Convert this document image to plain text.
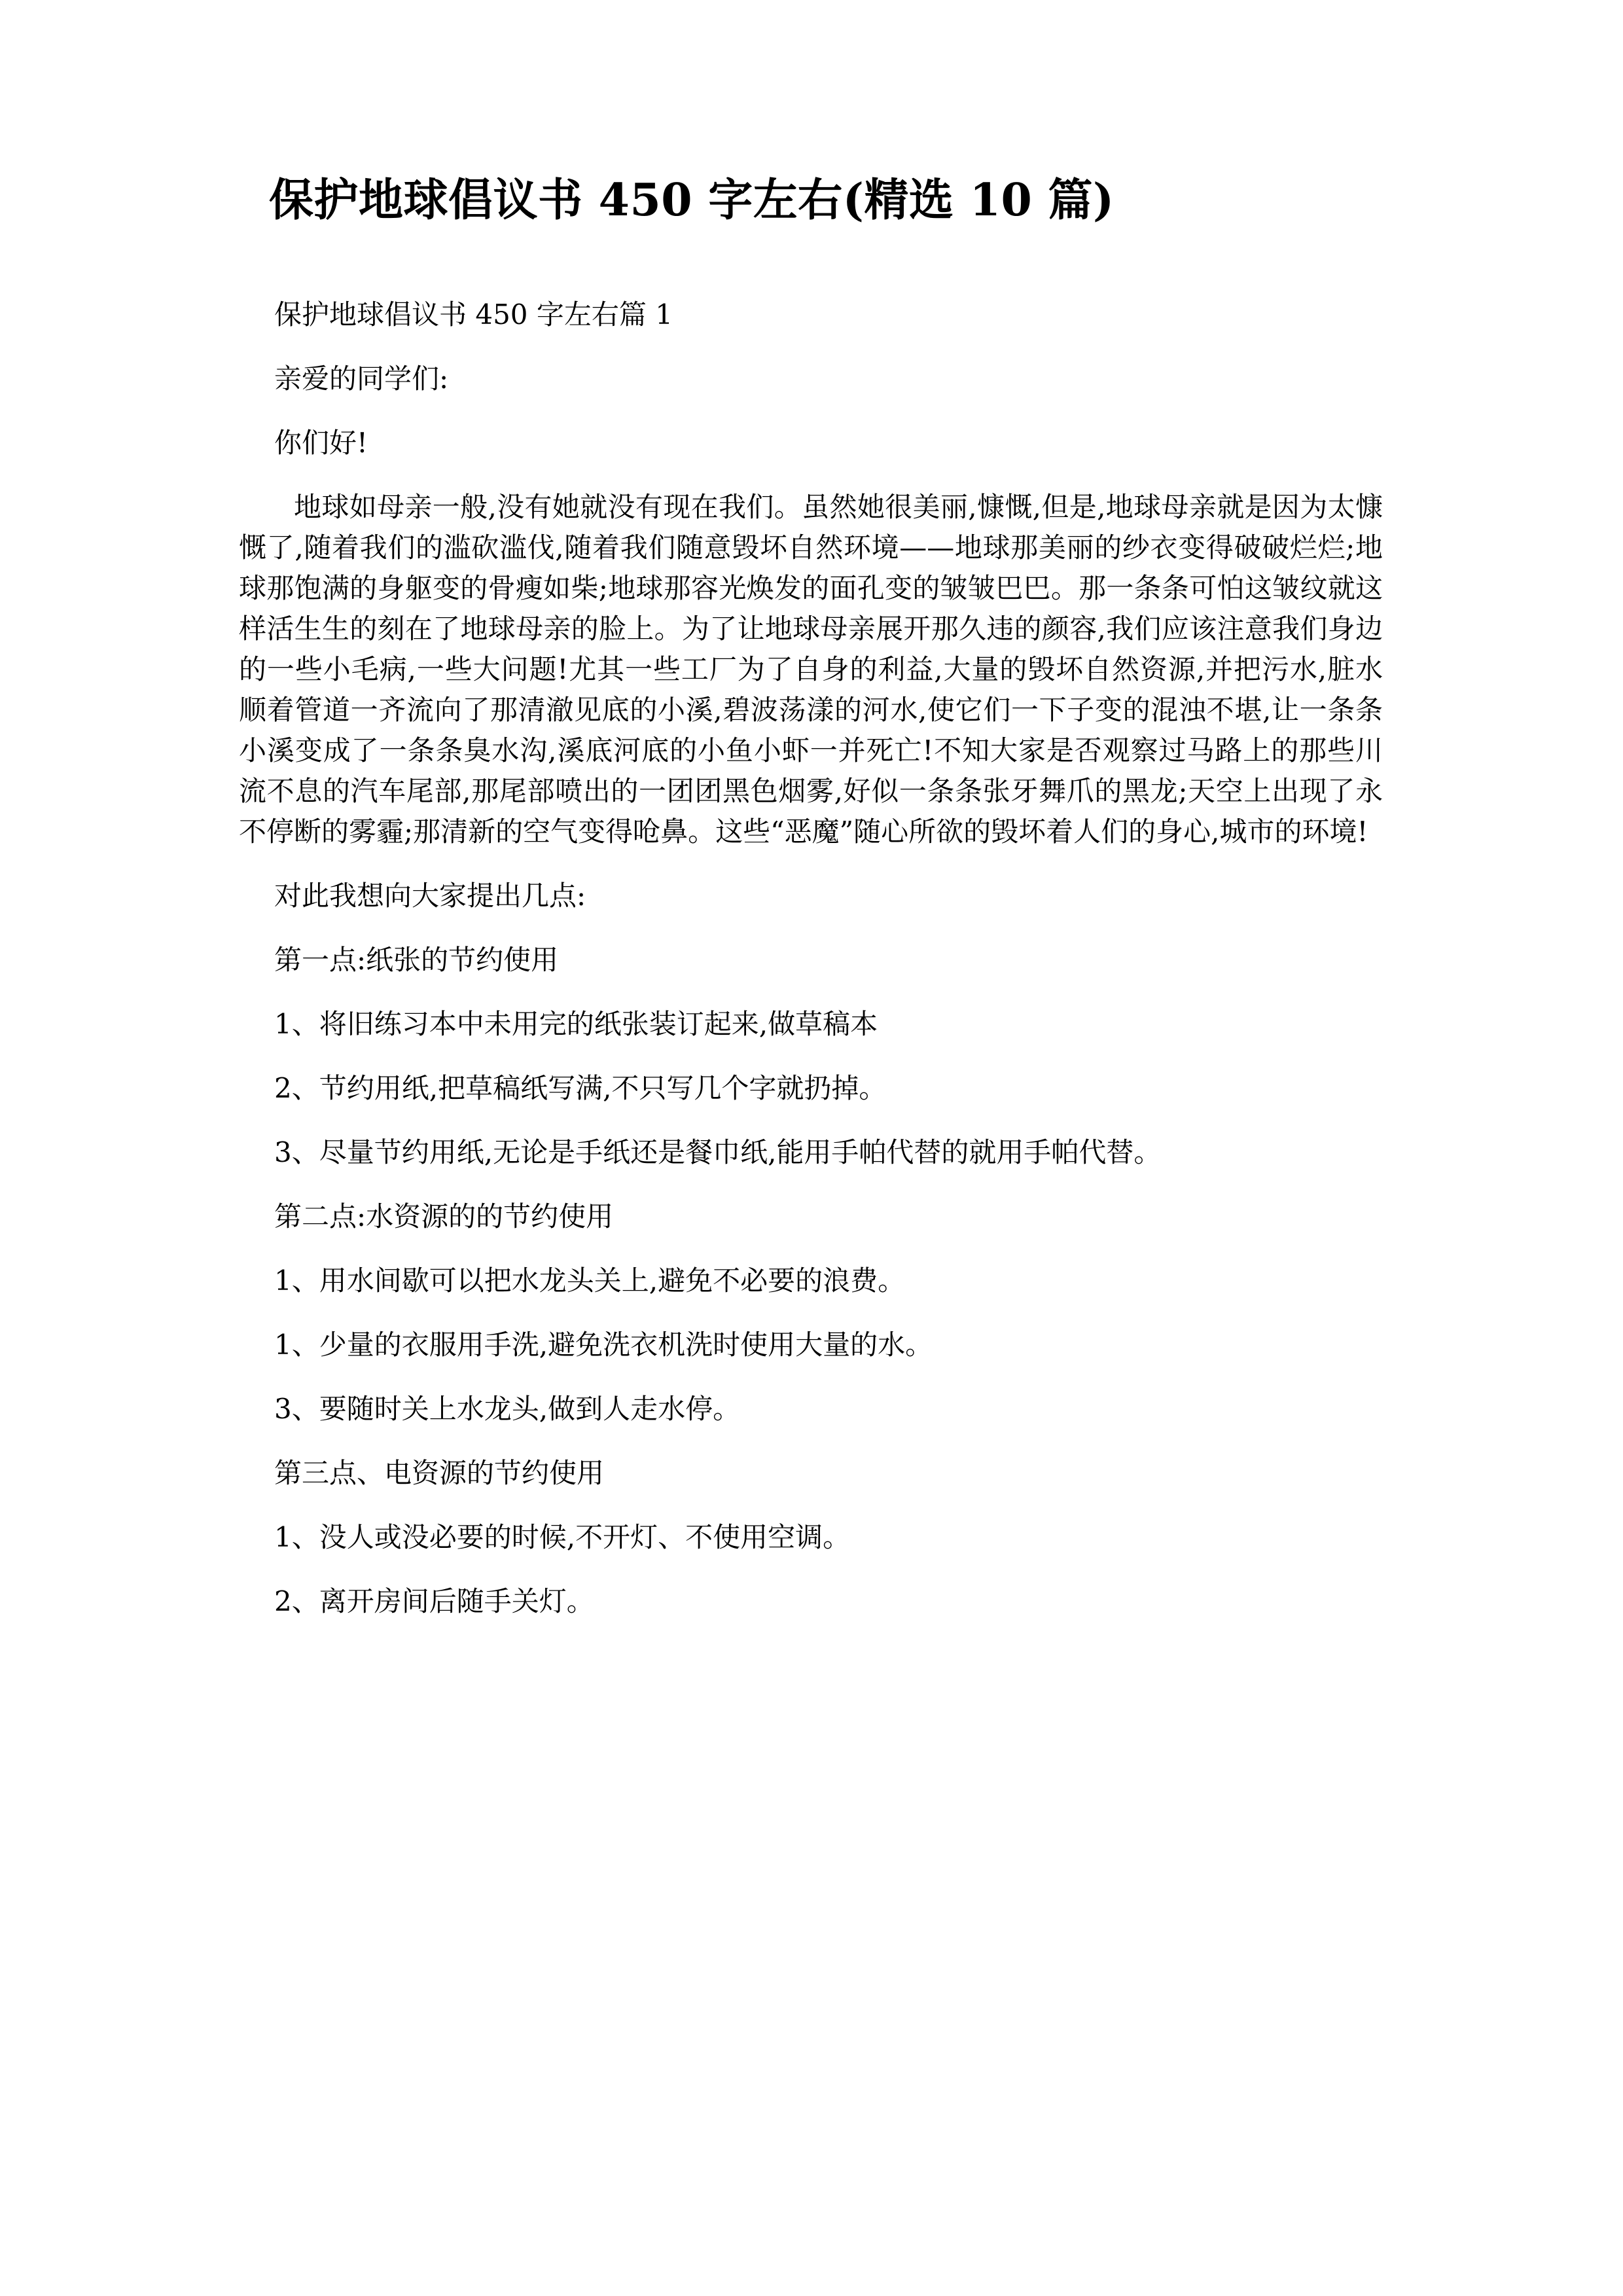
保护地球倡议书 450 字左右(精选 10 篇)
保护地球倡议书 450 字左右篇 1
亲爱的同学们:
你们好!

地球如母亲一般,没有她就没有现在我们。虽然她很美丽,慷慨,但是,地球母亲就是因为太慷慨了,随着我们的滥砍滥伐,随着我们随意毁坏自然环境——地球那美丽的纱衣变得破破烂烂;地球那饱满的身躯变的骨瘦如柴;地球那容光焕发的面孔变的皱皱巴巴。那一条条可怕这皱纹就这样活生生的刻在了地球母亲的脸上。为了让地球母亲展开那久违的颜容,我们应该注意我们身边的一些小毛病,一些大问题!尤其一些工厂为了自身的利益,大量的毁坏自然资源,并把污水,脏水顺着管道一齐流向了那清澈见底的小溪,碧波荡漾的河水,使它们一下子变的混浊不堪,让一条条小溪变成了一条条臭水沟,溪底河底的小鱼小虾一并死亡!不知大家是否观察过马路上的那些川流不息的汽车尾部,那尾部喷出的一团团黑色烟雾,好似一条条张牙舞爪的黑龙;天空上出现了永不停断的雾霾;那清新的空气变得呛鼻。这些“恶魔”随心所欲的毁坏着人们的身心,城市的环境!

对此我想向大家提出几点:
第一点:纸张的节约使用
1、将旧练习本中未用完的纸张装订起来,做草稿本
2、节约用纸,把草稿纸写满,不只写几个字就扔掉。
3、尽量节约用纸,无论是手纸还是餐巾纸,能用手帕代替的就用手帕代替。
第二点:水资源的的节约使用
1、用水间歇可以把水龙头关上,避免不必要的浪费。
1、少量的衣服用手洗,避免洗衣机洗时使用大量的水。
3、要随时关上水龙头,做到人走水停。
第三点、电资源的节约使用
1、没人或没必要的时候,不开灯、不使用空调。
2、离开房间后随手关灯。
